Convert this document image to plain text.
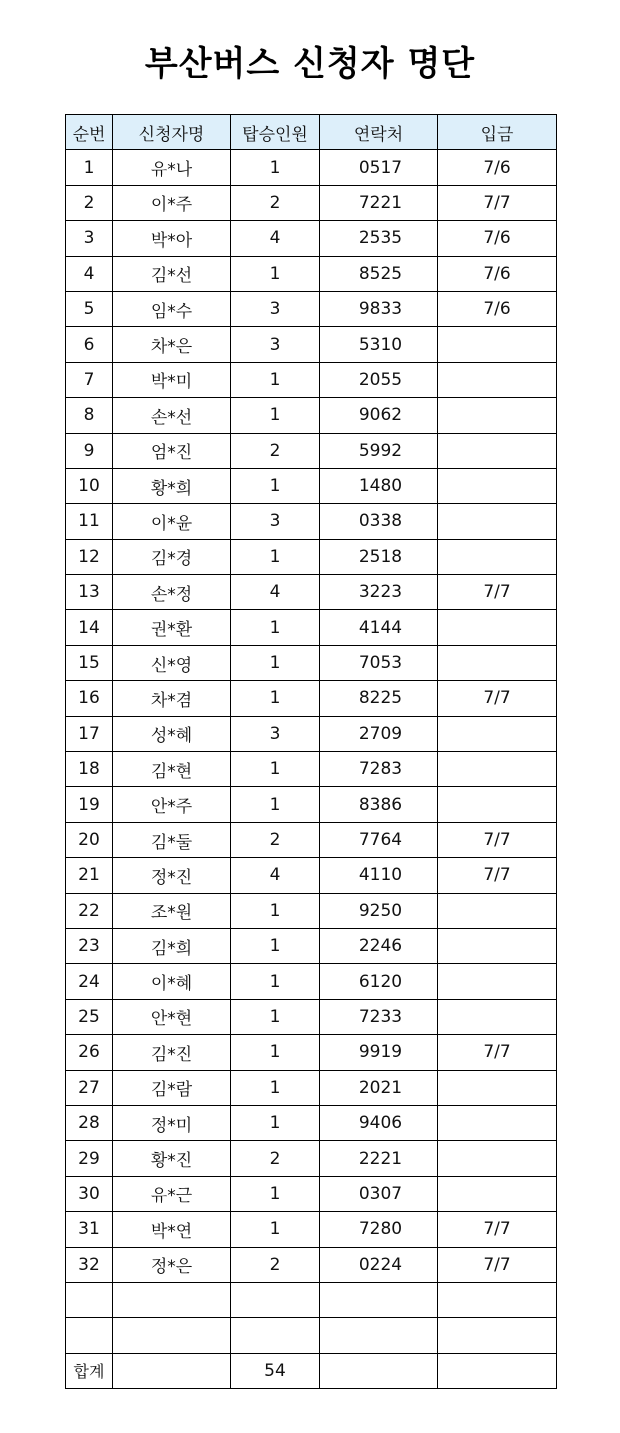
부산버스 신청자 명단
순번	신청자명	탑승인원	연락처	입금
1	유*나	1	0517	7/6
2	이*주	2	7221	7/7
3	박*아	4	2535	7/6
4	김*선	1	8525	7/6
5	임*수	3	9833	7/6
6	차*은	3	5310	
7	박*미	1	2055	
8	손*선	1	9062	
9	엄*진	2	5992	
10	황*희	1	1480	
11	이*윤	3	0338	
12	김*경	1	2518	
13	손*정	4	3223	7/7
14	권*환	1	4144	
15	신*영	1	7053	
16	차*겸	1	8225	7/7
17	성*혜	3	2709	
18	김*현	1	7283	
19	안*주	1	8386	
20	김*둘	2	7764	7/7
21	정*진	4	4110	7/7
22	조*원	1	9250	
23	김*희	1	2246	
24	이*혜	1	6120	
25	안*현	1	7233	
26	김*진	1	9919	7/7
27	김*람	1	2021	
28	정*미	1	9406	
29	황*진	2	2221	
30	유*근	1	0307	
31	박*연	1	7280	7/7
32	정*은	2	0224	7/7

합계		54		
